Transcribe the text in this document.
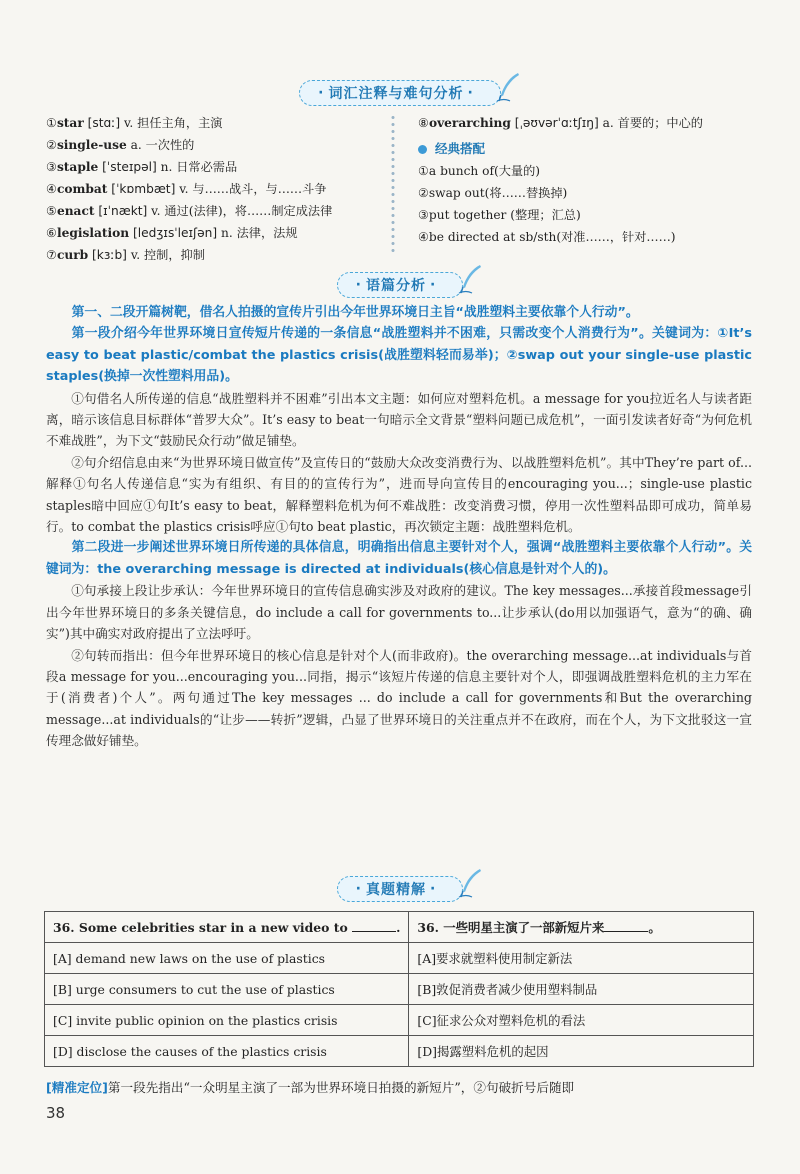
· 词汇注释与难句分析 ·
①star [stɑː] v. 担任主角，主演
②single-use a. 一次性的
③staple [ˈsteɪpəl] n. 日常必需品
④combat [ˈkɒmbæt] v. 与……战斗，与……斗争
⑤enact [ɪˈnækt] v. 通过(法律)，将……制定成法律
⑥legislation [ledʒɪsˈleɪʃən] n. 法律，法规
⑦curb [kɜːb] v. 控制，抑制
⑧overarching [ˌəʊvərˈɑːtʃɪŋ] a. 首要的；中心的
经典搭配
①a bunch of(大量的)
②swap out(将……替换掉)
③put together (整理；汇总)
④be directed at sb/sth(对准……，针对……)
· 语篇分析 ·

第一、二段开篇树靶，借名人拍摄的宣传片引出今年世界环境日主旨“战胜塑料主要依靠个人行动”。

第一段介绍今年世界环境日宣传短片传递的一条信息“战胜塑料并不困难，只需改变个人消费行为”。关键词为：①It’s easy to beat plastic/combat the plastics crisis(战胜塑料轻而易举)；②swap out your single-use plastic staples(换掉一次性塑料用品)。

①句借名人所传递的信息“战胜塑料并不困难”引出本文主题：如何应对塑料危机。a message for you拉近名人与读者距离，暗示该信息目标群体“普罗大众”。It’s easy to beat一句暗示全文背景“塑料问题已成危机”，一面引发读者好奇“为何危机不难战胜”，为下文“鼓励民众行动”做足铺垫。

②句介绍信息由来“为世界环境日做宣传”及宣传日的“鼓励大众改变消费行为、以战胜塑料危机”。其中They’re part of...解释①句名人传递信息“实为有组织、有目的的宣传行为”，进而导向宣传目的encouraging you...；single-use plastic staples暗中回应①句It’s easy to beat，解释塑料危机为何不难战胜：改变消费习惯，停用一次性塑料品即可成功，简单易行。to combat the plastics crisis呼应①句to beat plastic，再次锁定主题：战胜塑料危机。

第二段进一步阐述世界环境日所传递的具体信息，明确指出信息主要针对个人，强调“战胜塑料主要依靠个人行动”。关键词为：the overarching message is directed at individuals(核心信息是针对个人的)。

①句承接上段让步承认：今年世界环境日的宣传信息确实涉及对政府的建议。The key messages...承接首段message引出今年世界环境日的多条关键信息，do include a call for governments to...让步承认(do用以加强语气，意为“的确、确实”)其中确实对政府提出了立法呼吁。

②句转而指出：但今年世界环境日的核心信息是针对个人(而非政府)。the overarching message...at individuals与首段a message for you...encouraging you...同指，揭示“该短片传递的信息主要针对个人，即强调战胜塑料危机的主力军在于(消费者)个人”。两句通过The key messages ... do include a call for governments和But the overarching message...at individuals的“让步——转折”逻辑，凸显了世界环境日的关注重点并不在政府，而在个人，为下文批驳这一宣传理念做好铺垫。

· 真题精解 ·
36. Some celebrities star in a new video to .	36. 一些明星主演了一部新短片来 。
[A] demand new laws on the use of plastics	[A]要求就塑料使用制定新法
[B] urge consumers to cut the use of plastics	[B]敦促消费者减少使用塑料制品
[C] invite public opinion on the plastics crisis	[C]征求公众对塑料危机的看法
[D] disclose the causes of the plastics crisis	[D]揭露塑料危机的起因
[精准定位]第一段先指出“一众明星主演了一部为世界环境日拍摄的新短片”，②句破折号后随即
38
